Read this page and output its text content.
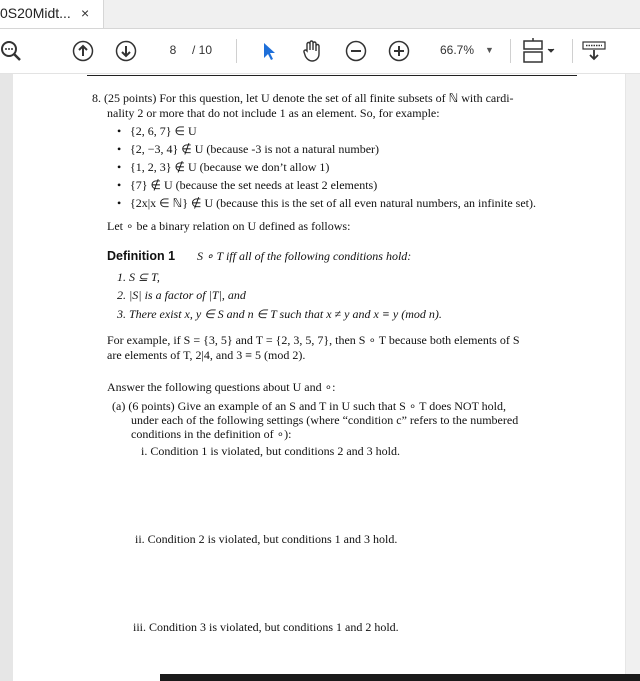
0S20Midt... ×
8	/ 10	66.7% ▼
8. (25 points) For this question, let U denote the set of all finite subsets of ℕ with cardi-
nality 2 or more that do not include 1 as an element. So, for example:
• {2, 6, 7} ∈ U
• {2, −3, 4} ∉ U (because -3 is not a natural number)
• {1, 2, 3} ∉ U (because we don’t allow 1)
• {7} ∉ U (because the set needs at least 2 elements)
• {2x|x ∈ ℕ} ∉ U (because this is the set of all even natural numbers, an infinite set).
Let ∘ be a binary relation on U defined as follows:
Definition 1 S ∘ T iff all of the following conditions hold:
1. S ⊆ T,
2. |S| is a factor of |T|, and
3. There exist x, y ∈ S and n ∈ T such that x ≠ y and x ≡ y (mod n).
For example, if S = {3, 5} and T = {2, 3, 5, 7}, then S ∘ T because both elements of S
are elements of T, 2|4, and 3 ≡ 5 (mod 2).
Answer the following questions about U and ∘:
(a) (6 points) Give an example of an S and T in U such that S ∘ T does NOT hold,
under each of the following settings (where “condition c” refers to the numbered
conditions in the definition of ∘):
i. Condition 1 is violated, but conditions 2 and 3 hold.
ii. Condition 2 is violated, but conditions 1 and 3 hold.
iii. Condition 3 is violated, but conditions 1 and 2 hold.
